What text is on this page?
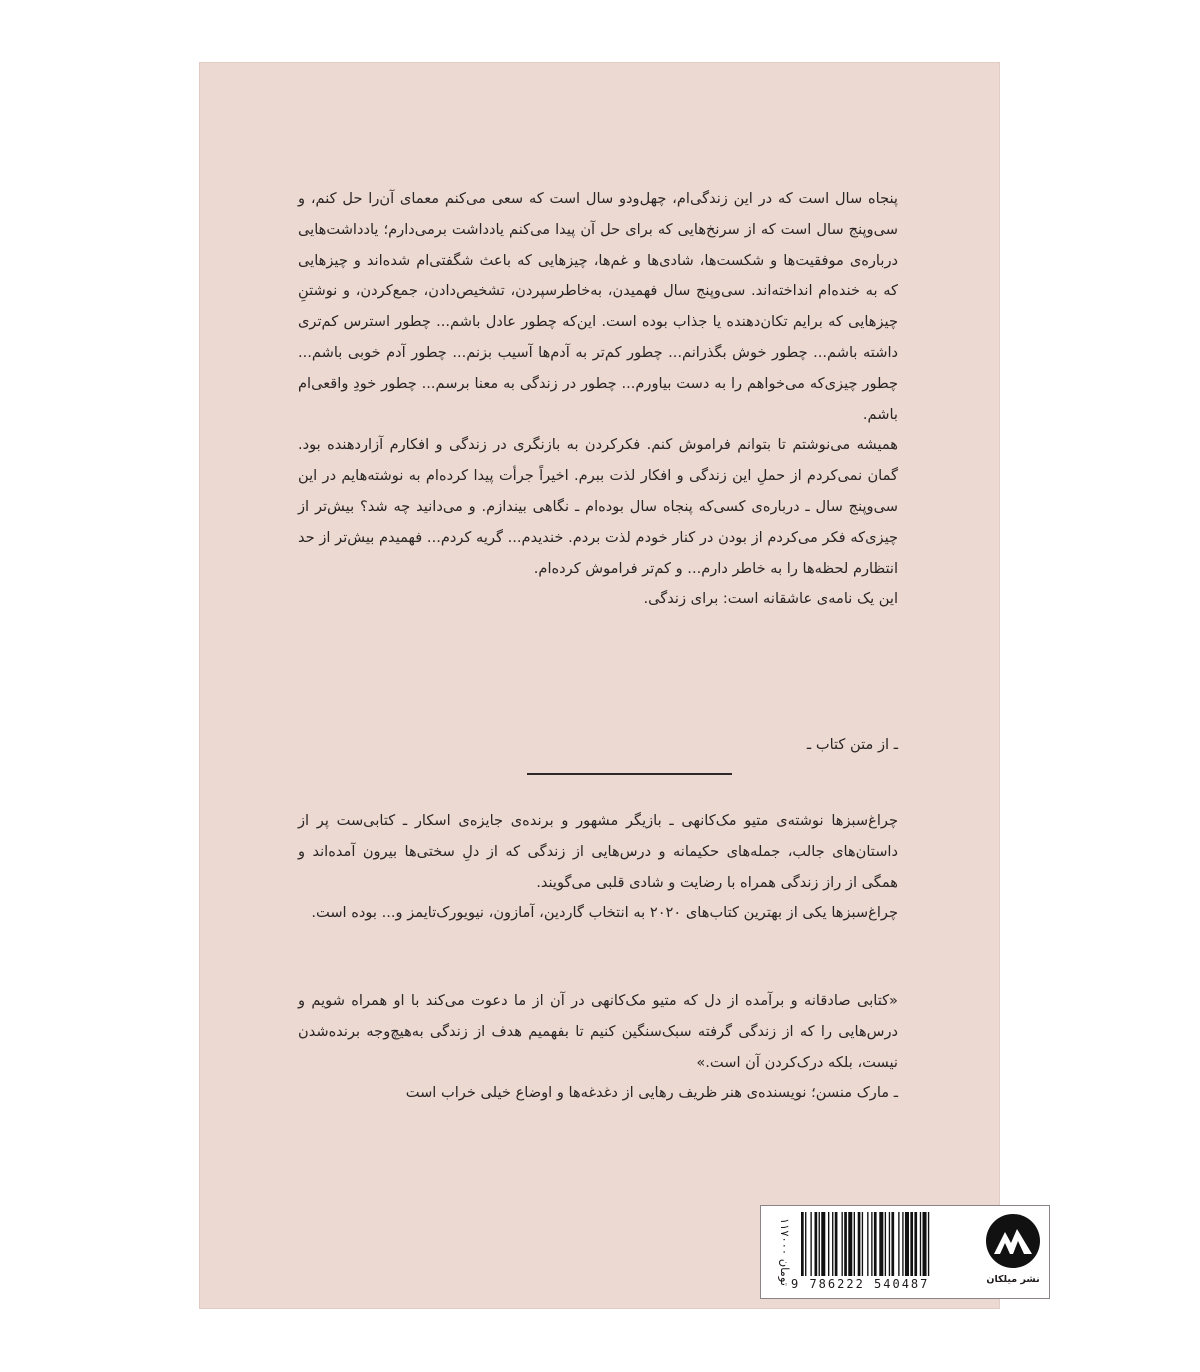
پنجاه سال است که در این زندگی‌ام، چهل‌ودو سال است که سعی می‌کنم معمای آن‌را حل کنم، و سی‌وپنج سال است که از سرنخ‌هایی که برای حل آن پیدا می‌کنم یادداشت برمی‌دارم؛ یادداشت‌هایی درباره‌ی موفقیت‌ها و شکست‌ها، شادی‌ها و غم‌ها، چیزهایی که باعث شگفتی‌ام شده‌اند و چیزهایی که به خنده‌ام انداخته‌اند. سی‌وپنج سال فهمیدن، به‌خاطرسپردن، تشخیص‌دادن، جمع‌کردن، و نوشتنِ چیزهایی که برایم تکان‌دهنده یا جذاب بوده است. این‌که چطور عادل باشم... چطور استرس کم‌تری داشته باشم... چطور خوش بگذرانم... چطور کم‌تر به آدم‌ها آسیب بزنم... چطور آدم خوبی باشم... چطور چیزی‌که می‌خواهم را به دست بیاورم... چطور در زندگی به معنا برسم... چطور خودِ واقعی‌ام باشم.

همیشه می‌نوشتم تا بتوانم فراموش کنم. فکرکردن به بازنگری در زندگی و افکارم آزاردهنده بود. گمان نمی‌کردم از حملِ این زندگی و افکار لذت ببرم. اخیراً جرأت پیدا کرده‌ام به نوشته‌هایم در این سی‌وپنج سال ـ درباره‌ی کسی‌که پنجاه سال بوده‌ام ـ نگاهی بیندازم. و می‌دانید چه شد؟ بیش‌تر از چیزی‌که فکر می‌کردم از بودن در کنار خودم لذت بردم. خندیدم... گریه کردم... فهمیدم بیش‌تر از حد انتظارم لحظه‌ها را به خاطر دارم... و کم‌تر فراموش کرده‌ام.

این یک نامه‌ی عاشقانه است: برای زندگی.

ـ از متن کتاب ـ

چراغ‌سبزها نوشته‌ی متیو مک‌کانهی ـ بازیگر مشهور و برنده‌ی جایزه‌ی اسکار ـ کتابی‌ست پر از داستان‌های جالب، جمله‌های حکیمانه و درس‌هایی از زندگی که از دلِ سختی‌ها بیرون آمده‌اند و همگی از راز زندگی همراه با رضایت و شادی قلبی می‌گویند.

چراغ‌سبزها یکی از بهترین کتاب‌های ۲۰۲۰ به انتخاب گاردین، آمازون، نیویورک‌تایمز و... بوده است.

«کتابی صادقانه و برآمده از دل که متیو مک‌کانهی در آن از ما دعوت می‌کند با او همراه شویم و درس‌هایی را که از زندگی گرفته سبک‌سنگین کنیم تا بفهمیم هدف از زندگی به‌هیچ‌وجه برنده‌شدن نیست، بلکه درک‌کردن آن است.»

ـ مارک منسن؛ نویسنده‌ی هنر ظریف رهایی از دغدغه‌ها و اوضاع خیلی خراب است

۱۱۷۰۰۰ تومان 9 786222 540487	نشر میلکان
